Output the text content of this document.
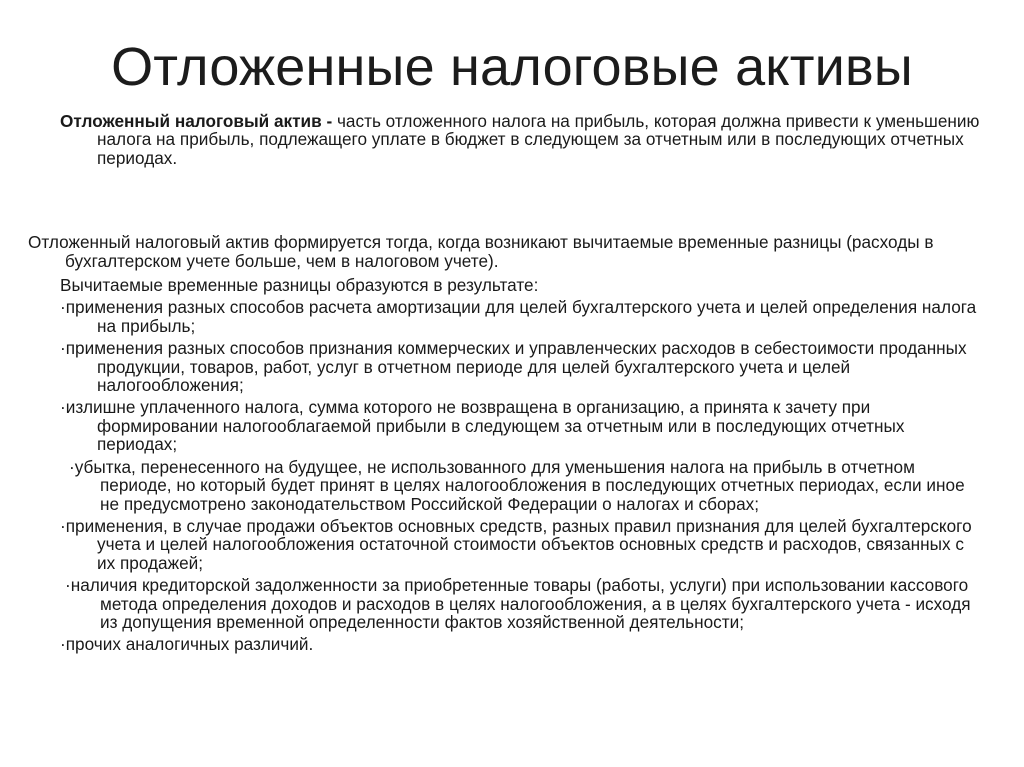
Отложенные налоговые активы

Отложенный налоговый актив - часть отложенного налога на прибыль, которая должна привести к уменьшению налога на прибыль, подлежащего уплате в бюджет в следующем за отчетным или в последующих отчетных периодах.

Отложенный налоговый актив формируется тогда, когда возникают вычитаемые временные разницы (расходы в бухгалтерском учете больше, чем в налоговом учете).

Вычитаемые временные разницы образуются в результате:

·применения разных способов расчета амортизации для целей бухгалтерского учета и целей определения налога на прибыль;

·применения разных способов признания коммерческих и управленческих расходов в себестоимости проданных продукции, товаров, работ, услуг в отчетном периоде для целей бухгалтерского учета и целей налогообложения;

·излишне уплаченного налога, сумма которого не возвращена в организацию, а принята к зачету при формировании налогооблагаемой прибыли в следующем за отчетным или в последующих отчетных периодах;

·убытка, перенесенного на будущее, не использованного для уменьшения налога на прибыль в отчетном периоде, но который будет принят в целях налогообложения в последующих отчетных периодах, если иное не предусмотрено законодательством Российской Федерации о налогах и сборах;

·применения, в случае продажи объектов основных средств, разных правил признания для целей бухгалтерского учета и целей налогообложения остаточной стоимости объектов основных средств и расходов, связанных с их продажей;

·наличия кредиторской задолженности за приобретенные товары (работы, услуги) при использовании кассового метода определения доходов и расходов в целях налогообложения, а в целях бухгалтерского учета - исходя из допущения временной определенности фактов хозяйственной деятельности;

·прочих аналогичных различий.
